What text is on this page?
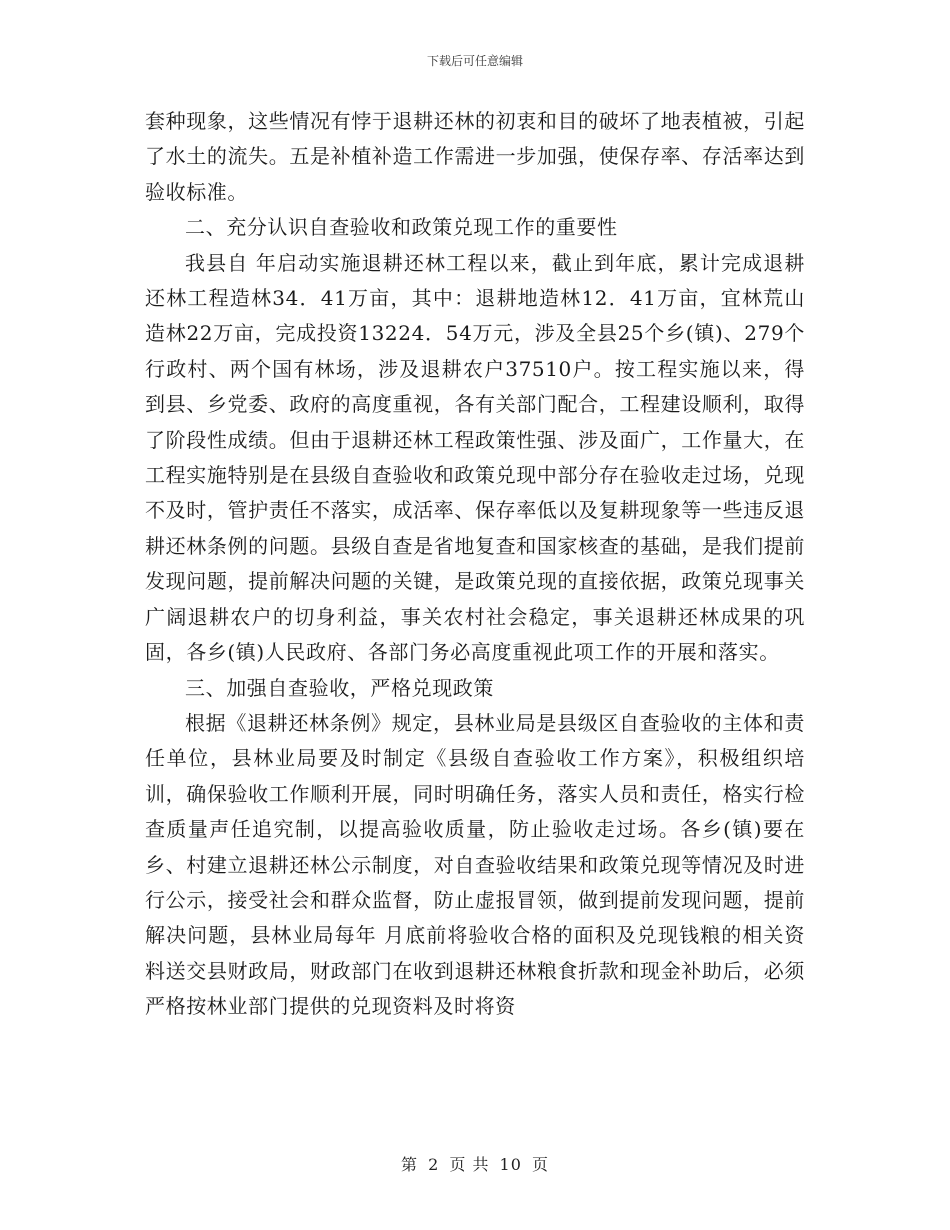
下载后可任意编辑

套种现象，这些情况有悖于退耕还林的初衷和目的破坏了地表植被，引起了水土的流失。五是补植补造工作需进一步加强，使保存率、存活率达到验收标准。

二、充分认识自查验收和政策兑现工作的重要性

我县自 年启动实施退耕还林工程以来，截止到年底，累计完成退耕还林工程造林34．41万亩，其中：退耕地造林12．41万亩，宜林荒山造林22万亩，完成投资13224．54万元，涉及全县25个乡(镇)、279个行政村、两个国有林场，涉及退耕农户37510户。按工程实施以来，得到县、乡党委、政府的高度重视，各有关部门配合，工程建设顺利，取得了阶段性成绩。但由于退耕还林工程政策性强、涉及面广，工作量大，在工程实施特别是在县级自查验收和政策兑现中部分存在验收走过场，兑现不及时，管护责任不落实，成活率、保存率低以及复耕现象等一些违反退耕还林条例的问题。县级自查是省地复查和国家核查的基础，是我们提前发现问题，提前解决问题的关键，是政策兑现的直接依据，政策兑现事关广阔退耕农户的切身利益，事关农村社会稳定，事关退耕还林成果的巩固，各乡(镇)人民政府、各部门务必高度重视此项工作的开展和落实。

三、加强自查验收，严格兑现政策

根据《退耕还林条例》规定，县林业局是县级区自查验收的主体和责任单位，县林业局要及时制定《县级自查验收工作方案》，积极组织培训，确保验收工作顺利开展，同时明确任务，落实人员和责任，格实行检查质量声任追究制，以提高验收质量，防止验收走过场。各乡(镇)要在乡、村建立退耕还林公示制度，对自查验收结果和政策兑现等情况及时进行公示，接受社会和群众监督，防止虚报冒领，做到提前发现问题，提前解决问题，县林业局每年 月底前将验收合格的面积及兑现钱粮的相关资料送交县财政局，财政部门在收到退耕还林粮食折款和现金补助后，必须严格按林业部门提供的兑现资料及时将资

第 2 页 共 10 页
